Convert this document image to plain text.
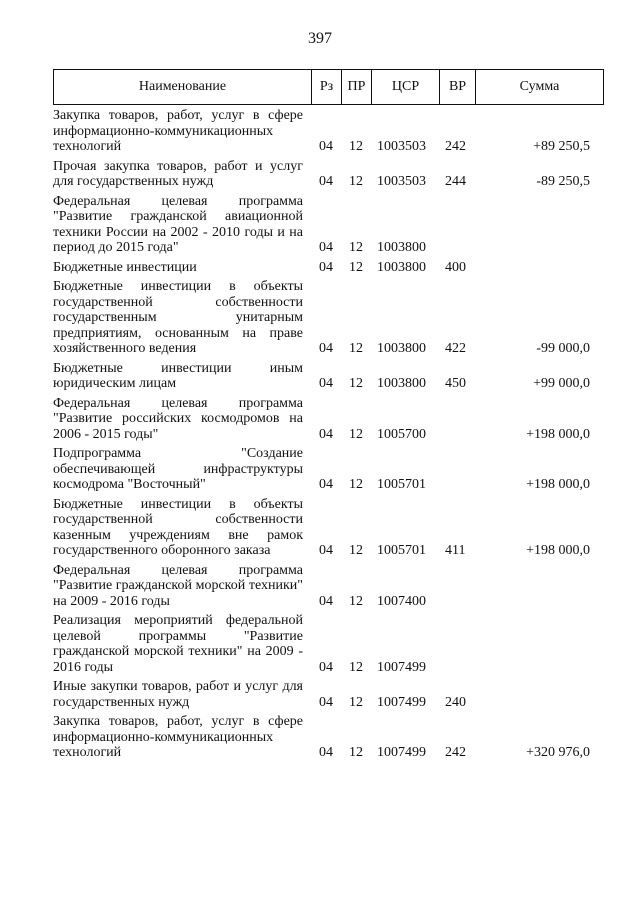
397
Наименование	Рз	ПР	ЦСР	ВР	Сумма
Закупка товаров, работ, услуг в сфере информационно-коммуникационных технологий	04	12	1003503	242	+89 250,5
Прочая закупка товаров, работ и услуг для государственных нужд	04	12	1003503	244	-89 250,5
Федеральная целевая программа "Развитие гражданской авиационной техники России на 2002 - 2010 годы и на период до 2015 года"	04	12	1003800		
Бюджетные инвестиции	04	12	1003800	400	
Бюджетные инвестиции в объекты государственной собственности государственным унитарным предприятиям, основанным на праве хозяйственного ведения	04	12	1003800	422	-99 000,0
Бюджетные инвестиции иным юридическим лицам	04	12	1003800	450	+99 000,0
Федеральная целевая программа "Развитие российских космодромов на 2006 - 2015 годы"	04	12	1005700		+198 000,0
Подпрограмма "Создание обеспечивающей инфраструктуры космодрома "Восточный"	04	12	1005701		+198 000,0
Бюджетные инвестиции в объекты государственной собственности казенным учреждениям вне рамок государственного оборонного заказа	04	12	1005701	411	+198 000,0
Федеральная целевая программа "Развитие гражданской морской техники" на 2009 - 2016 годы	04	12	1007400		
Реализация мероприятий федеральной целевой программы "Развитие гражданской морской техники" на 2009 - 2016 годы	04	12	1007499		
Иные закупки товаров, работ и услуг для государственных нужд	04	12	1007499	240	
Закупка товаров, работ, услуг в сфере информационно-коммуникационных технологий	04	12	1007499	242	+320 976,0
